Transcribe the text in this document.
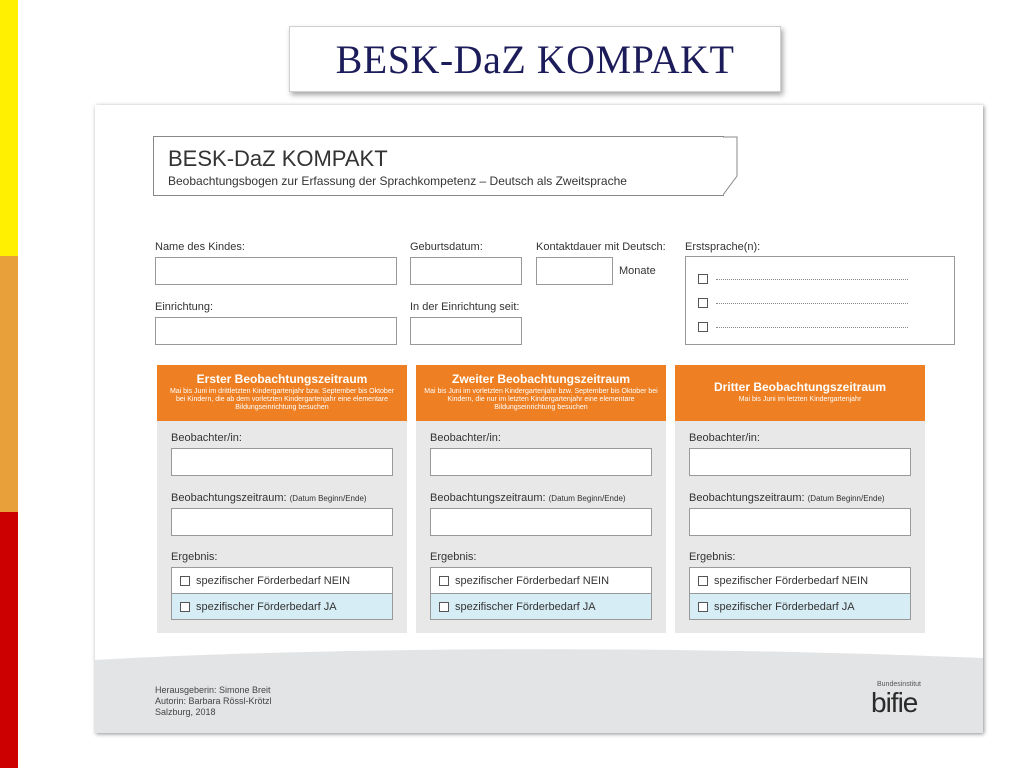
BESK-DaZ KOMPAKT
BESK-DaZ KOMPAKT
Beobachtungsbogen zur Erfassung der Sprachkompetenz – Deutsch als Zweitsprache
Name des Kindes:	Geburtsdatum:	Kontaktdauer mit Deutsch:
Monate
Erstsprache(n):
Einrichtung:	In der Einrichtung seit:
Erster Beobachtungszeitraum
Mai bis Juni im drittletzten Kindergartenjahr bzw. September bis Oktober bei Kindern, die ab dem vorletzten Kindergartenjahr eine elementare Bildungseinrichtung besuchen
Beobachter/in:
Beobachtungszeitraum: (Datum Beginn/Ende)
Ergebnis:
spezifischer Förderbedarf NEIN
spezifischer Förderbedarf JA
Zweiter Beobachtungszeitraum
Mai bis Juni im vorletzten Kindergartenjahr bzw. September bis Oktober bei Kindern, die nur im letzten Kindergartenjahr eine elementare Bildungseinrichtung besuchen
Beobachter/in:
Beobachtungszeitraum: (Datum Beginn/Ende)
Ergebnis:
spezifischer Förderbedarf NEIN
spezifischer Förderbedarf JA
Dritter Beobachtungszeitraum
Mai bis Juni im letzten Kindergartenjahr
Beobachter/in:
Beobachtungszeitraum: (Datum Beginn/Ende)
Ergebnis:
spezifischer Förderbedarf NEIN
spezifischer Förderbedarf JA
Herausgeberin: Simone Breit
Autorin: Barbara Rössl-Krötzl
Salzburg, 2018
Bundesinstitut
bifie
